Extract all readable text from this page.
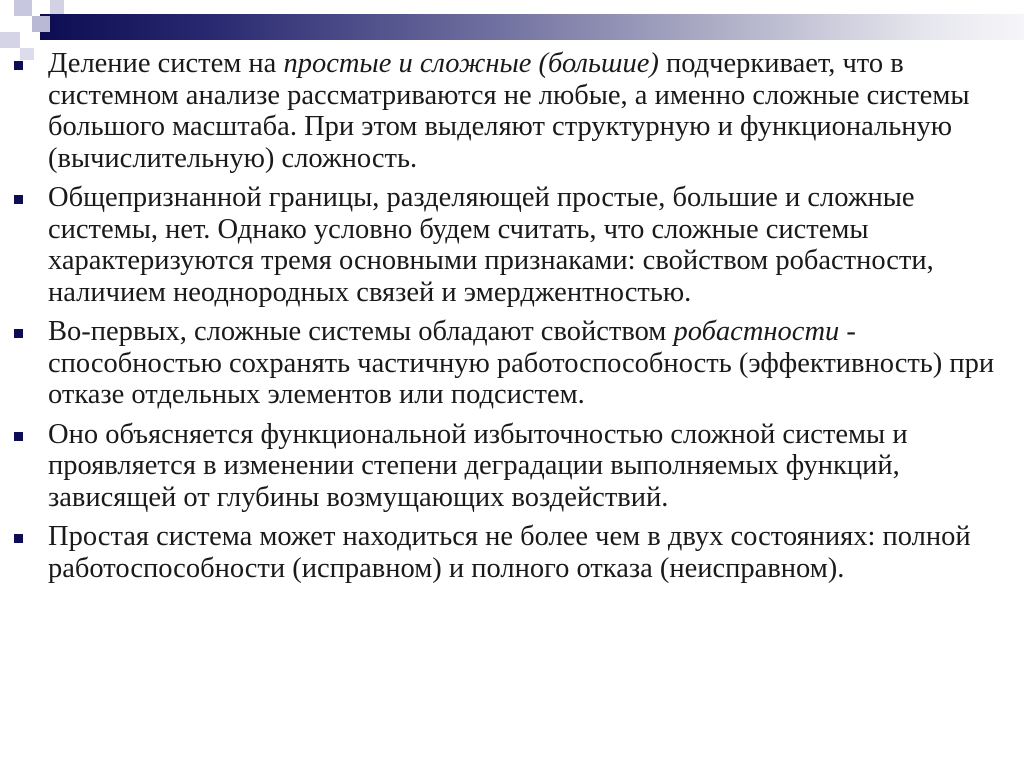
Деление систем на простые и сложные (большие) подчеркивает, что в системном анализе рассматриваются не любые, а именно сложные системы большого масштаба. При этом выделяют структурную и функциональную (вычислительную) сложность.

Общепризнанной границы, разделяющей простые, большие и сложные системы, нет. Однако условно будем считать, что сложные системы характеризуются тремя основными признаками: свойством робастности, наличием неоднородных связей и эмерджентностью.

Во-первых, сложные системы обладают свойством робастности - способностью сохранять частичную работоспособность (эффективность) при отказе отдельных элементов или подсистем.

Оно объясняется функциональной избыточностью сложной системы и проявляется в изменении степени деградации выполняемых функций, зависящей от глубины возмущающих воздействий.

Простая система может находиться не более чем в двух состояниях: полной работоспособности (исправном) и полного отказа (неисправном).
